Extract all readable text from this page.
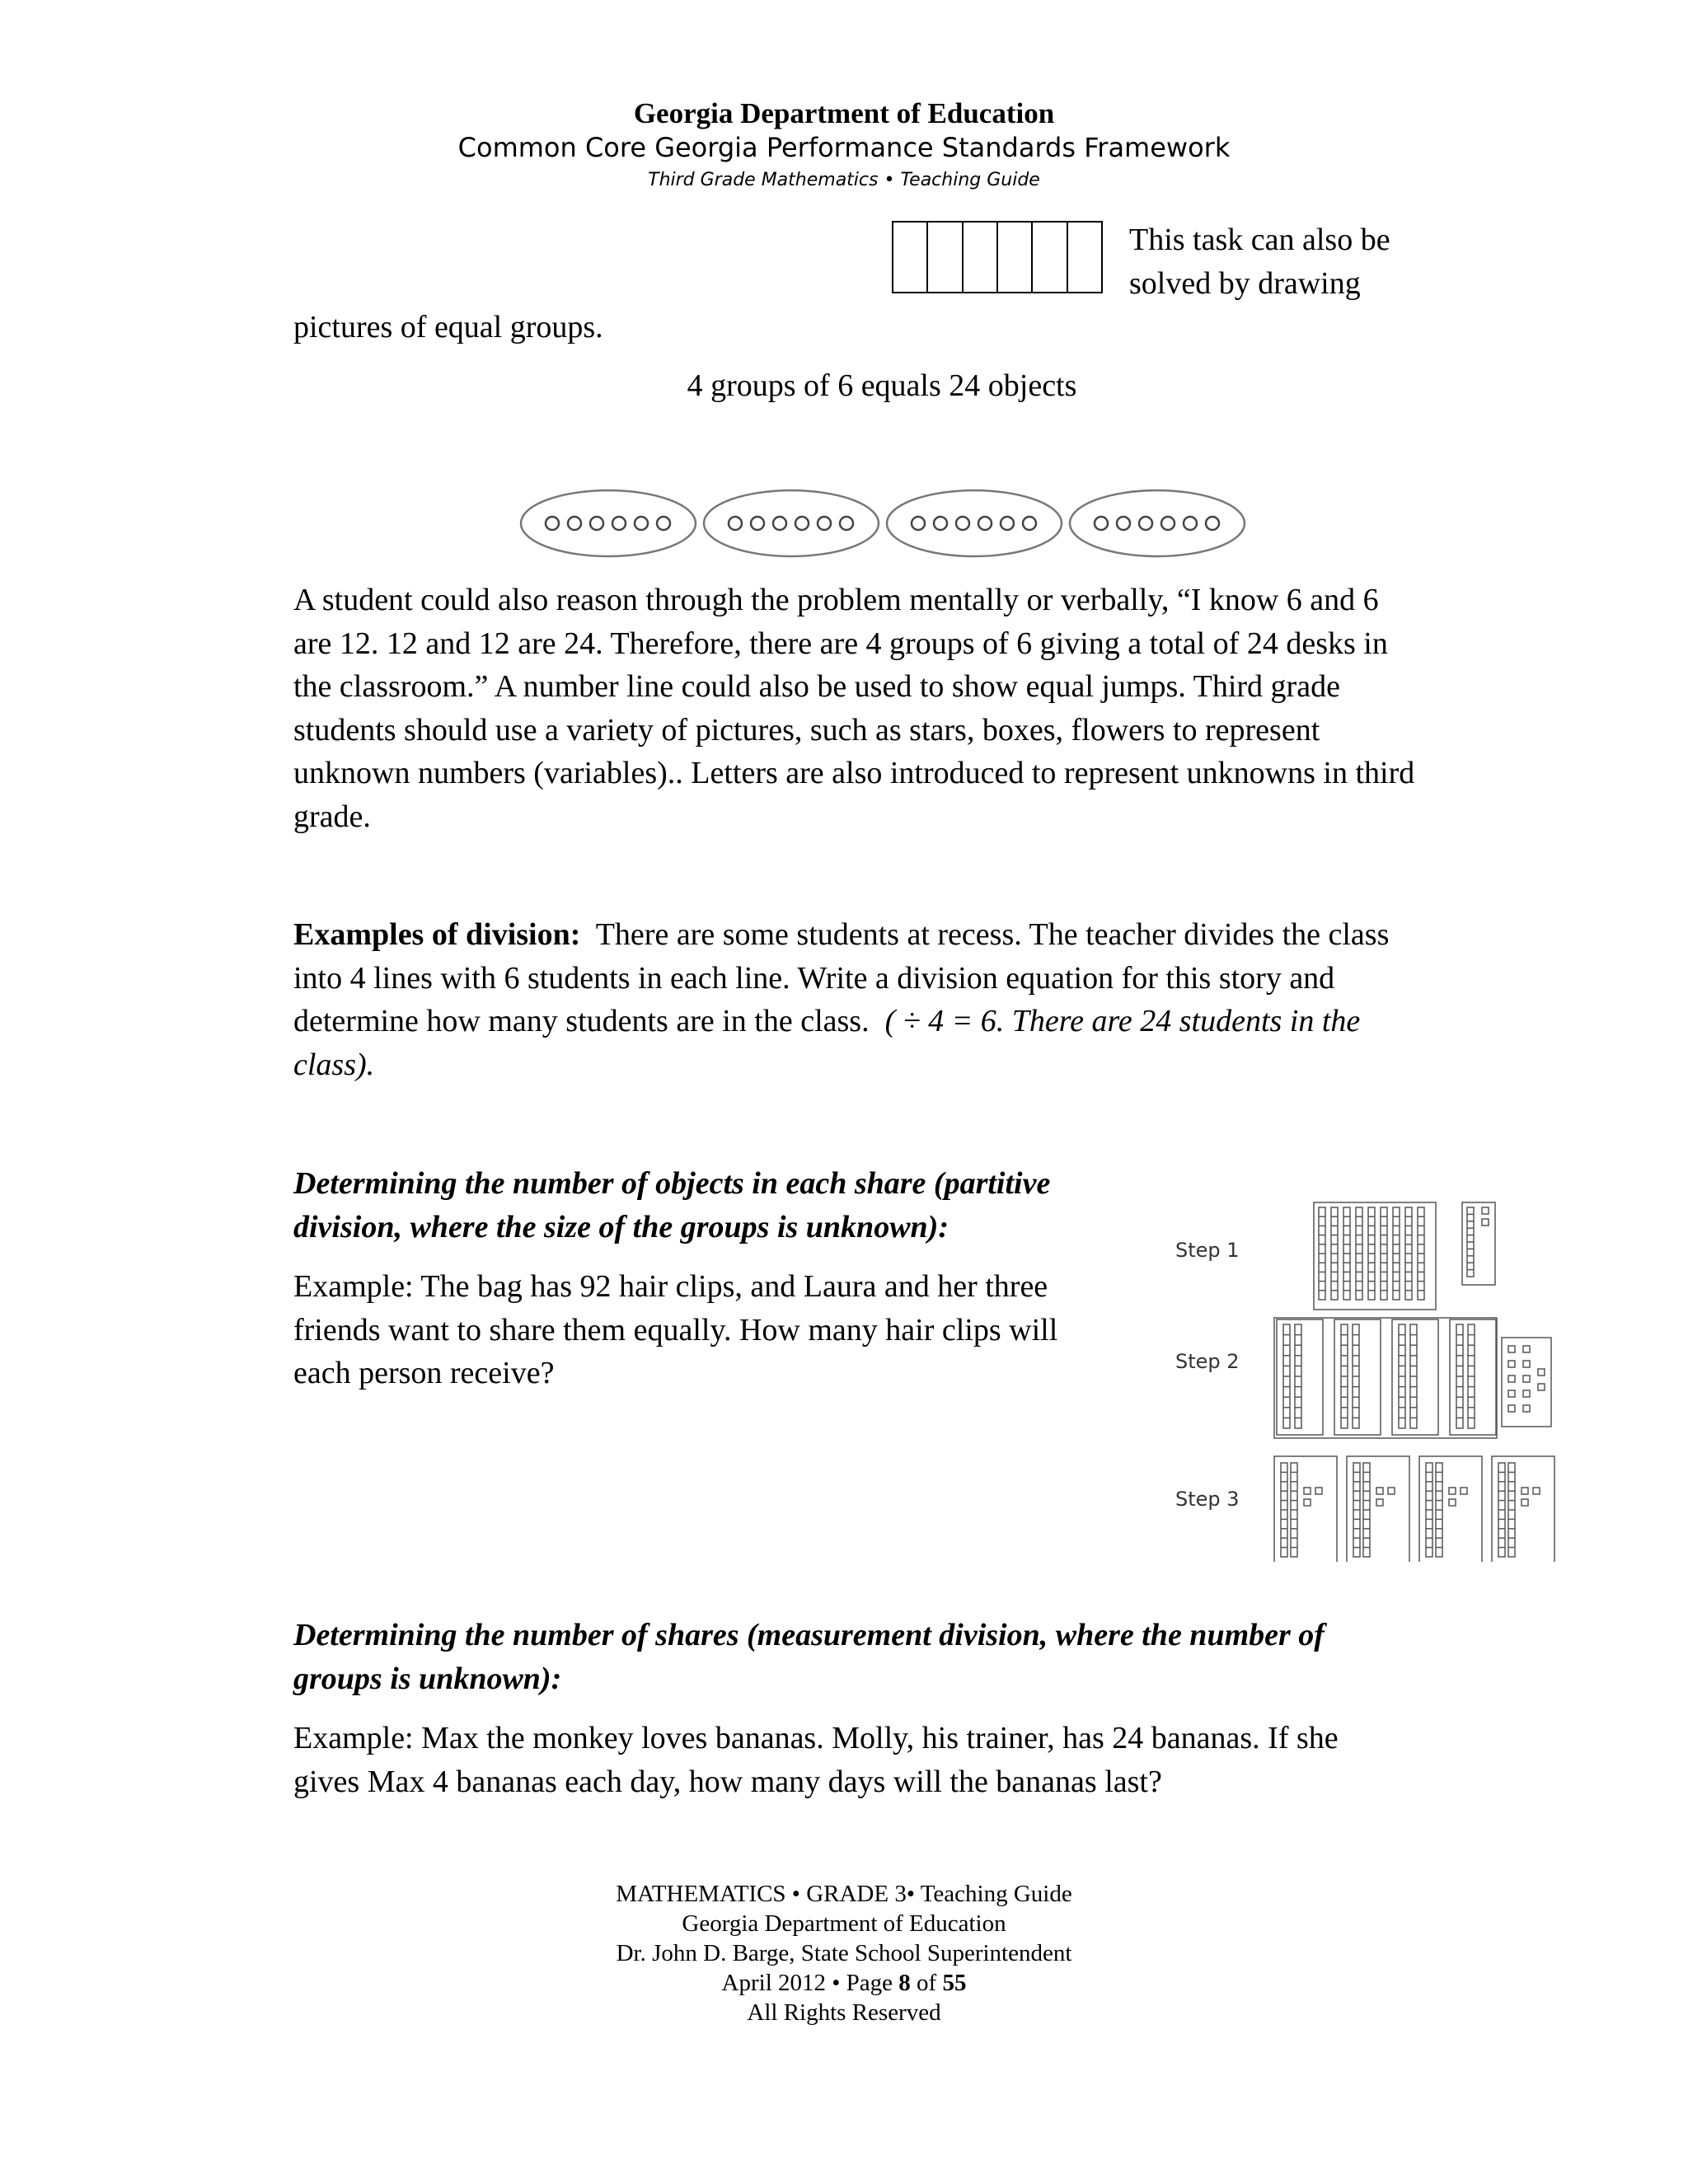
Georgia Department of Education
Common Core Georgia Performance Standards Framework
Third Grade Mathematics • Teaching Guide
This task can also be
solved by drawing
pictures of equal groups.
4 groups of 6 equals 24 objects
A student could also reason through the problem mentally or verbally, “I know 6 and 6
are 12. 12 and 12 are 24. Therefore, there are 4 groups of 6 giving a total of 24 desks in
the classroom.” A number line could also be used to show equal jumps. Third grade
students should use a variety of pictures, such as stars, boxes, flowers to represent
unknown numbers (variables).. Letters are also introduced to represent unknowns in third
grade.
Examples of division: There are some students at recess. The teacher divides the class
into 4 lines with 6 students in each line. Write a division equation for this story and
determine how many students are in the class. ( ÷ 4 = 6. There are 24 students in the
class).
Determining the number of objects in each share (partitive
division, where the size of the groups is unknown):
Example: The bag has 92 hair clips, and Laura and her three
friends want to share them equally. How many hair clips will
each person receive?
Step 1
Step 2
Step 3
Determining the number of shares (measurement division, where the number of
groups is unknown):
Example: Max the monkey loves bananas. Molly, his trainer, has 24 bananas. If she
gives Max 4 bananas each day, how many days will the bananas last?
MATHEMATICS • GRADE 3• Teaching Guide
Georgia Department of Education
Dr. John D. Barge, State School Superintendent
April 2012 • Page 8 of 55
All Rights Reserved
